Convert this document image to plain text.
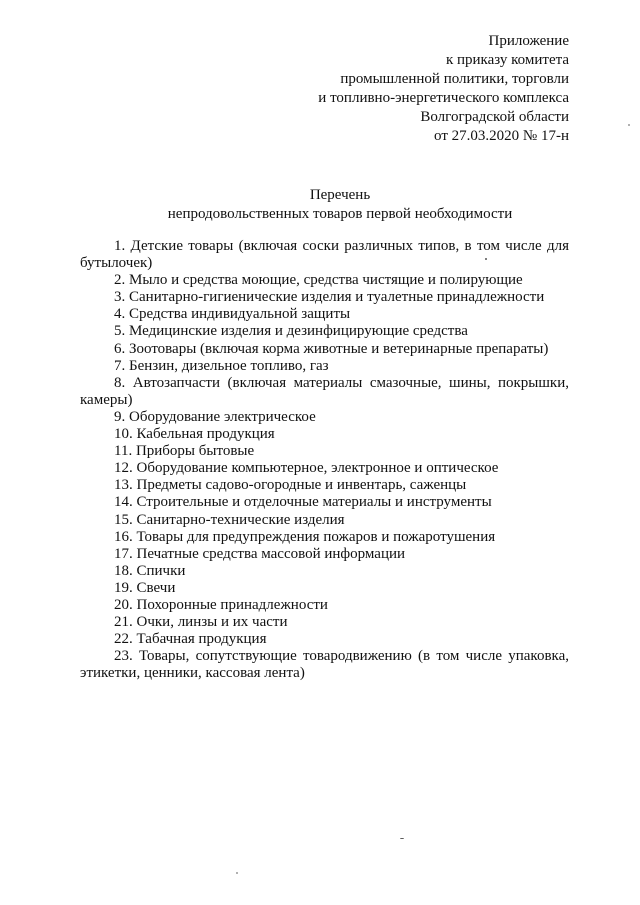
Приложение
к приказу комитета
промышленной политики, торговли
и топливно-энергетического комплекса
Волгоградской области
от 27.03.2020 № 17-н
Перечень
непродовольственных товаров первой необходимости

1. Детские товары (включая соски различных типов, в том числе для бутылочек)

2. Мыло и средства моющие, средства чистящие и полирующие

3. Санитарно-гигиенические изделия и туалетные принадлежности

4. Средства индивидуальной защиты

5. Медицинские изделия и дезинфицирующие средства

6. Зоотовары (включая корма животные и ветеринарные препараты)

7. Бензин, дизельное топливо, газ

8. Автозапчасти (включая материалы смазочные, шины, покрышки, камеры)

9. Оборудование электрическое

10. Кабельная продукция

11. Приборы бытовые

12. Оборудование компьютерное, электронное и оптическое

13. Предметы садово-огородные и инвентарь, саженцы

14. Строительные и отделочные материалы и инструменты

15. Санитарно-технические изделия

16. Товары для предупреждения пожаров и пожаротушения

17. Печатные средства массовой информации

18. Спички

19. Свечи

20. Похоронные принадлежности

21. Очки, линзы и их части

22. Табачная продукция

23. Товары, сопутствующие товародвижению (в том числе упаковка, этикетки, ценники, кассовая лента)
